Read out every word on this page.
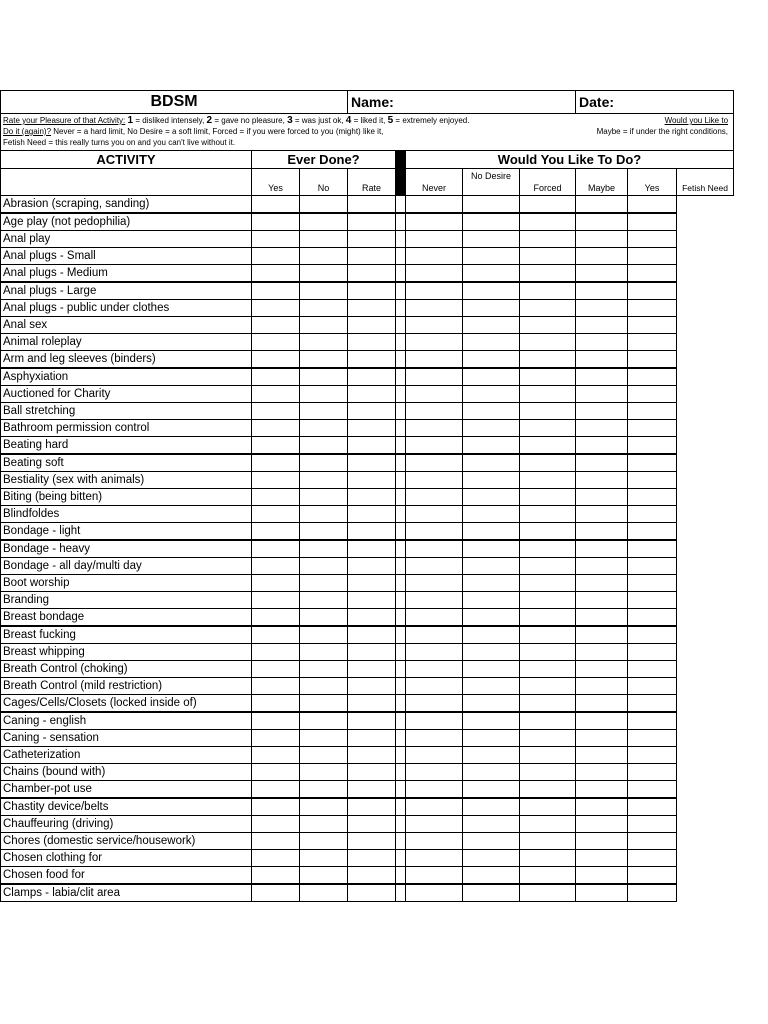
BDSM			Name:					Date:		

Rate your Pleasure of that Activity: 1 = disliked intensely, 2 = gave no pleasure, 3 = was just ok, 4 = liked it, 5 = extremely enjoyed. Would you Like to
Do it (again)? Never = a hard limit, No Desire = a soft limit, Forced = if you were forced to you (might) like it, Maybe = if under the right conditions,
Fetish Need = this really turns you on and you can't live without it.										

ACTIVITY	Ever Done?				Would You Like To Do?					
	Yes	No	Rate		Never	No Desire	Forced	Maybe	Yes	Fetish Need
Abrasion (scraping, sanding)										
Age play (not pedophilia)										
Anal play										
Anal plugs - Small										
Anal plugs - Medium										
Anal plugs - Large										
Anal plugs - public under clothes										
Anal sex										
Animal roleplay										
Arm and leg sleeves (binders)										
Asphyxiation										
Auctioned for Charity										
Ball stretching										
Bathroom permission control										
Beating hard										
Beating soft										
Bestiality (sex with animals)										
Biting (being bitten)										
Blindfoldes										
Bondage - light										
Bondage - heavy										
Bondage - all day/multi day										
Boot worship										
Branding										
Breast bondage										
Breast fucking										
Breast whipping										
Breath Control (choking)										
Breath Control (mild restriction)										
Cages/Cells/Closets (locked inside of)										
Caning - english										
Caning - sensation										
Catheterization										
Chains (bound with)										
Chamber-pot use										
Chastity device/belts										
Chauffeuring (driving)										
Chores (domestic service/housework)										
Chosen clothing for										
Chosen food for										
Clamps - labia/clit area										
